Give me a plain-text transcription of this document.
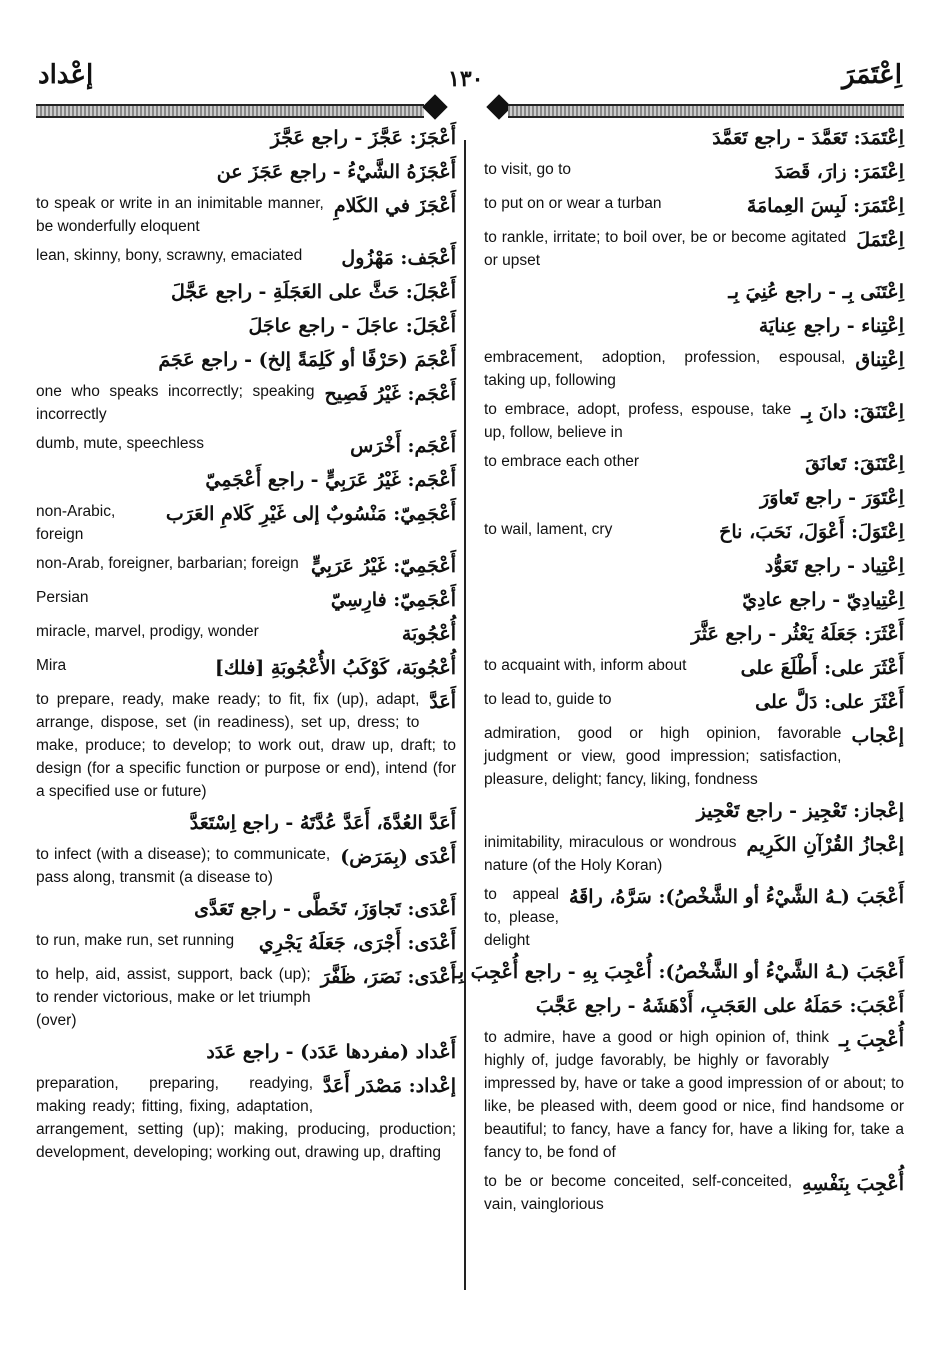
إعْداد	١٣٠	اِعْتَمَرَ
أَعْجَزَ: عَجَّزَ - راجع عَجَّزَ
أَعْجَزَهُ الشَّيْءُ - راجع عَجَزَ عن
أَعْجَزَ في الكَلامِ
to speak or write in an inimitable manner, be wonderfully eloquent
أَعْجَف: مَهْزُول
lean, skinny, bony, scrawny, emaciated
أَعْجَلَ: حَثَّ على العَجَلَةِ - راجع عَجَّلَ
أَعْجَلَ: عاجَلَ - راجع عاجَلَ
أَعْجَمَ (حَرْفًا أو كَلِمَةً إلخ) - راجع عَجَمَ
أَعْجَم: غَيْرُ فَصِيح
one who speaks incorrectly; speaking incorrectly
أَعْجَم: أَخْرَس
dumb, mute, speechless
أَعْجَم: غَيْرُ عَرَبِيٍّ - راجع أَعْجَمِيّ
أَعْجَمِيّ: مَنْسُوبٌ إلى غَيْرِ كَلامِ العَرَب
non-Arabic, foreign
أَعْجَمِيّ: غَيْرُ عَرَبِيٍّ
non-Arab, foreigner, barbarian; foreign
أَعْجَمِيّ: فارِسِيّ
Persian
أُعْجُوبَة
miracle, marvel, prodigy, wonder
أُعْجُوبَة، كَوْكَبُ الأُعْجُوبَةِ [فلك]
Mira
أَعَدَّ
to prepare, ready, make ready; to fit, fix (up), adapt, arrange, dispose, set (in readiness), set up, dress; to make, produce; to develop; to work out, draw up, draft; to design (for a specific function or purpose or end), intend (for a specified use or future)
أَعَدَّ العُدَّةَ، أَعَدَّ عُدَّتَهُ - راجع اِسْتَعَدَّ
أَعْدَى (بِمَرَض)
to infect (with a disease); to communicate, pass along, transmit (a disease to)
أَعْدَى: تَجاوَزَ، تَخَطَّى - راجع تَعَدَّى
أَعْدَى: أَجْرَى، جَعَلَهُ يَجْرِي
to run, make run, set running
أَعْدَى: نَصَرَ، ظَفَّرَ
to help, aid, assist, support, back (up); to render victorious, make or let triumph (over)
أَعْداد (مفردها عَدَد) - راجع عَدَد
إعْداد: مَصْدَر أَعَدَّ
preparation, preparing, readying, making ready; fitting, fixing, adaptation, arrangement, setting (up); making, producing, production; development, developing; working out, drawing up, drafting
اِعْتَمَدَ: تَعَمَّدَ - راجع تَعَمَّدَ
اِعْتَمَرَ: زارَ، قَصَدَ
to visit, go to
اِعْتَمَرَ: لَبِسَ العِمامَةَ
to put on or wear a turban
اِعْتَمَلَ
to rankle, irritate; to boil over, be or become agitated or upset
اِعْتَنَى بِـ - راجع عُنِيَ بِـ
اِعْتِناء - راجع عِنايَة
اِعْتِناق
embracement, adoption, profession, espousal, taking up, following
اِعْتَنَقَ: دانَ بِـ
to embrace, adopt, profess, espouse, take up, follow, believe in
اِعْتَنَقَ: تَعانَقَ
to embrace each other
اِعْتَوَرَ - راجع تَعاوَرَ
اِعْتَوَلَ: أَعْوَلَ، نَحَبَ، ناحَ
to wail, lament, cry
اِعْتِياد - راجع تَعَوُّد
اِعْتِيادِيّ - راجع عادِيّ
أَعْثَرَ: جَعَلَهُ يَعْثُر - راجع عَثَّرَ
أَعْثَرَ على: أَطْلَعَ على
to acquaint with, inform about
أَعْثَرَ على: دَلَّ على
to lead to, guide to
إعْجاب
admiration, good or high opinion, favorable judgment or view, good impression; satisfaction, pleasure, delight; fancy, liking, fondness
إعْجاز: تَعْجِيز - راجع تَعْجِيز
إعْجازُ القُرْآنِ الكَرِيم
inimitability, miraculous or wondrous nature (of the Holy Koran)
أَعْجَبَ (ـهُ الشَّيْءُ أو الشَّخْصُ): سَرَّهُ، راقَهُ
to appeal to, please, delight
أَعْجَبَ (ـهُ الشَّيْءُ أو الشَّخْصُ): أُعْجِبَ بِهِ - راجع أُعْجِبَ بِـ
أَعْجَبَ: حَمَلَهُ على العَجَبِ، أَدْهَشَهُ - راجع عَجَّبَ
أُعْجِبَ بِـ
to admire, have a good or high opinion of, think highly of, judge favorably, be highly or favorably impressed by, have or take a good impression of or about; to like, be pleased with, deem good or nice, find handsome or beautiful; to fancy, have a fancy for, have a liking for, take a fancy to, be fond of
أُعْجِبَ بِنَفْسِهِ
to be or become conceited, self-conceited, vain, vainglorious
